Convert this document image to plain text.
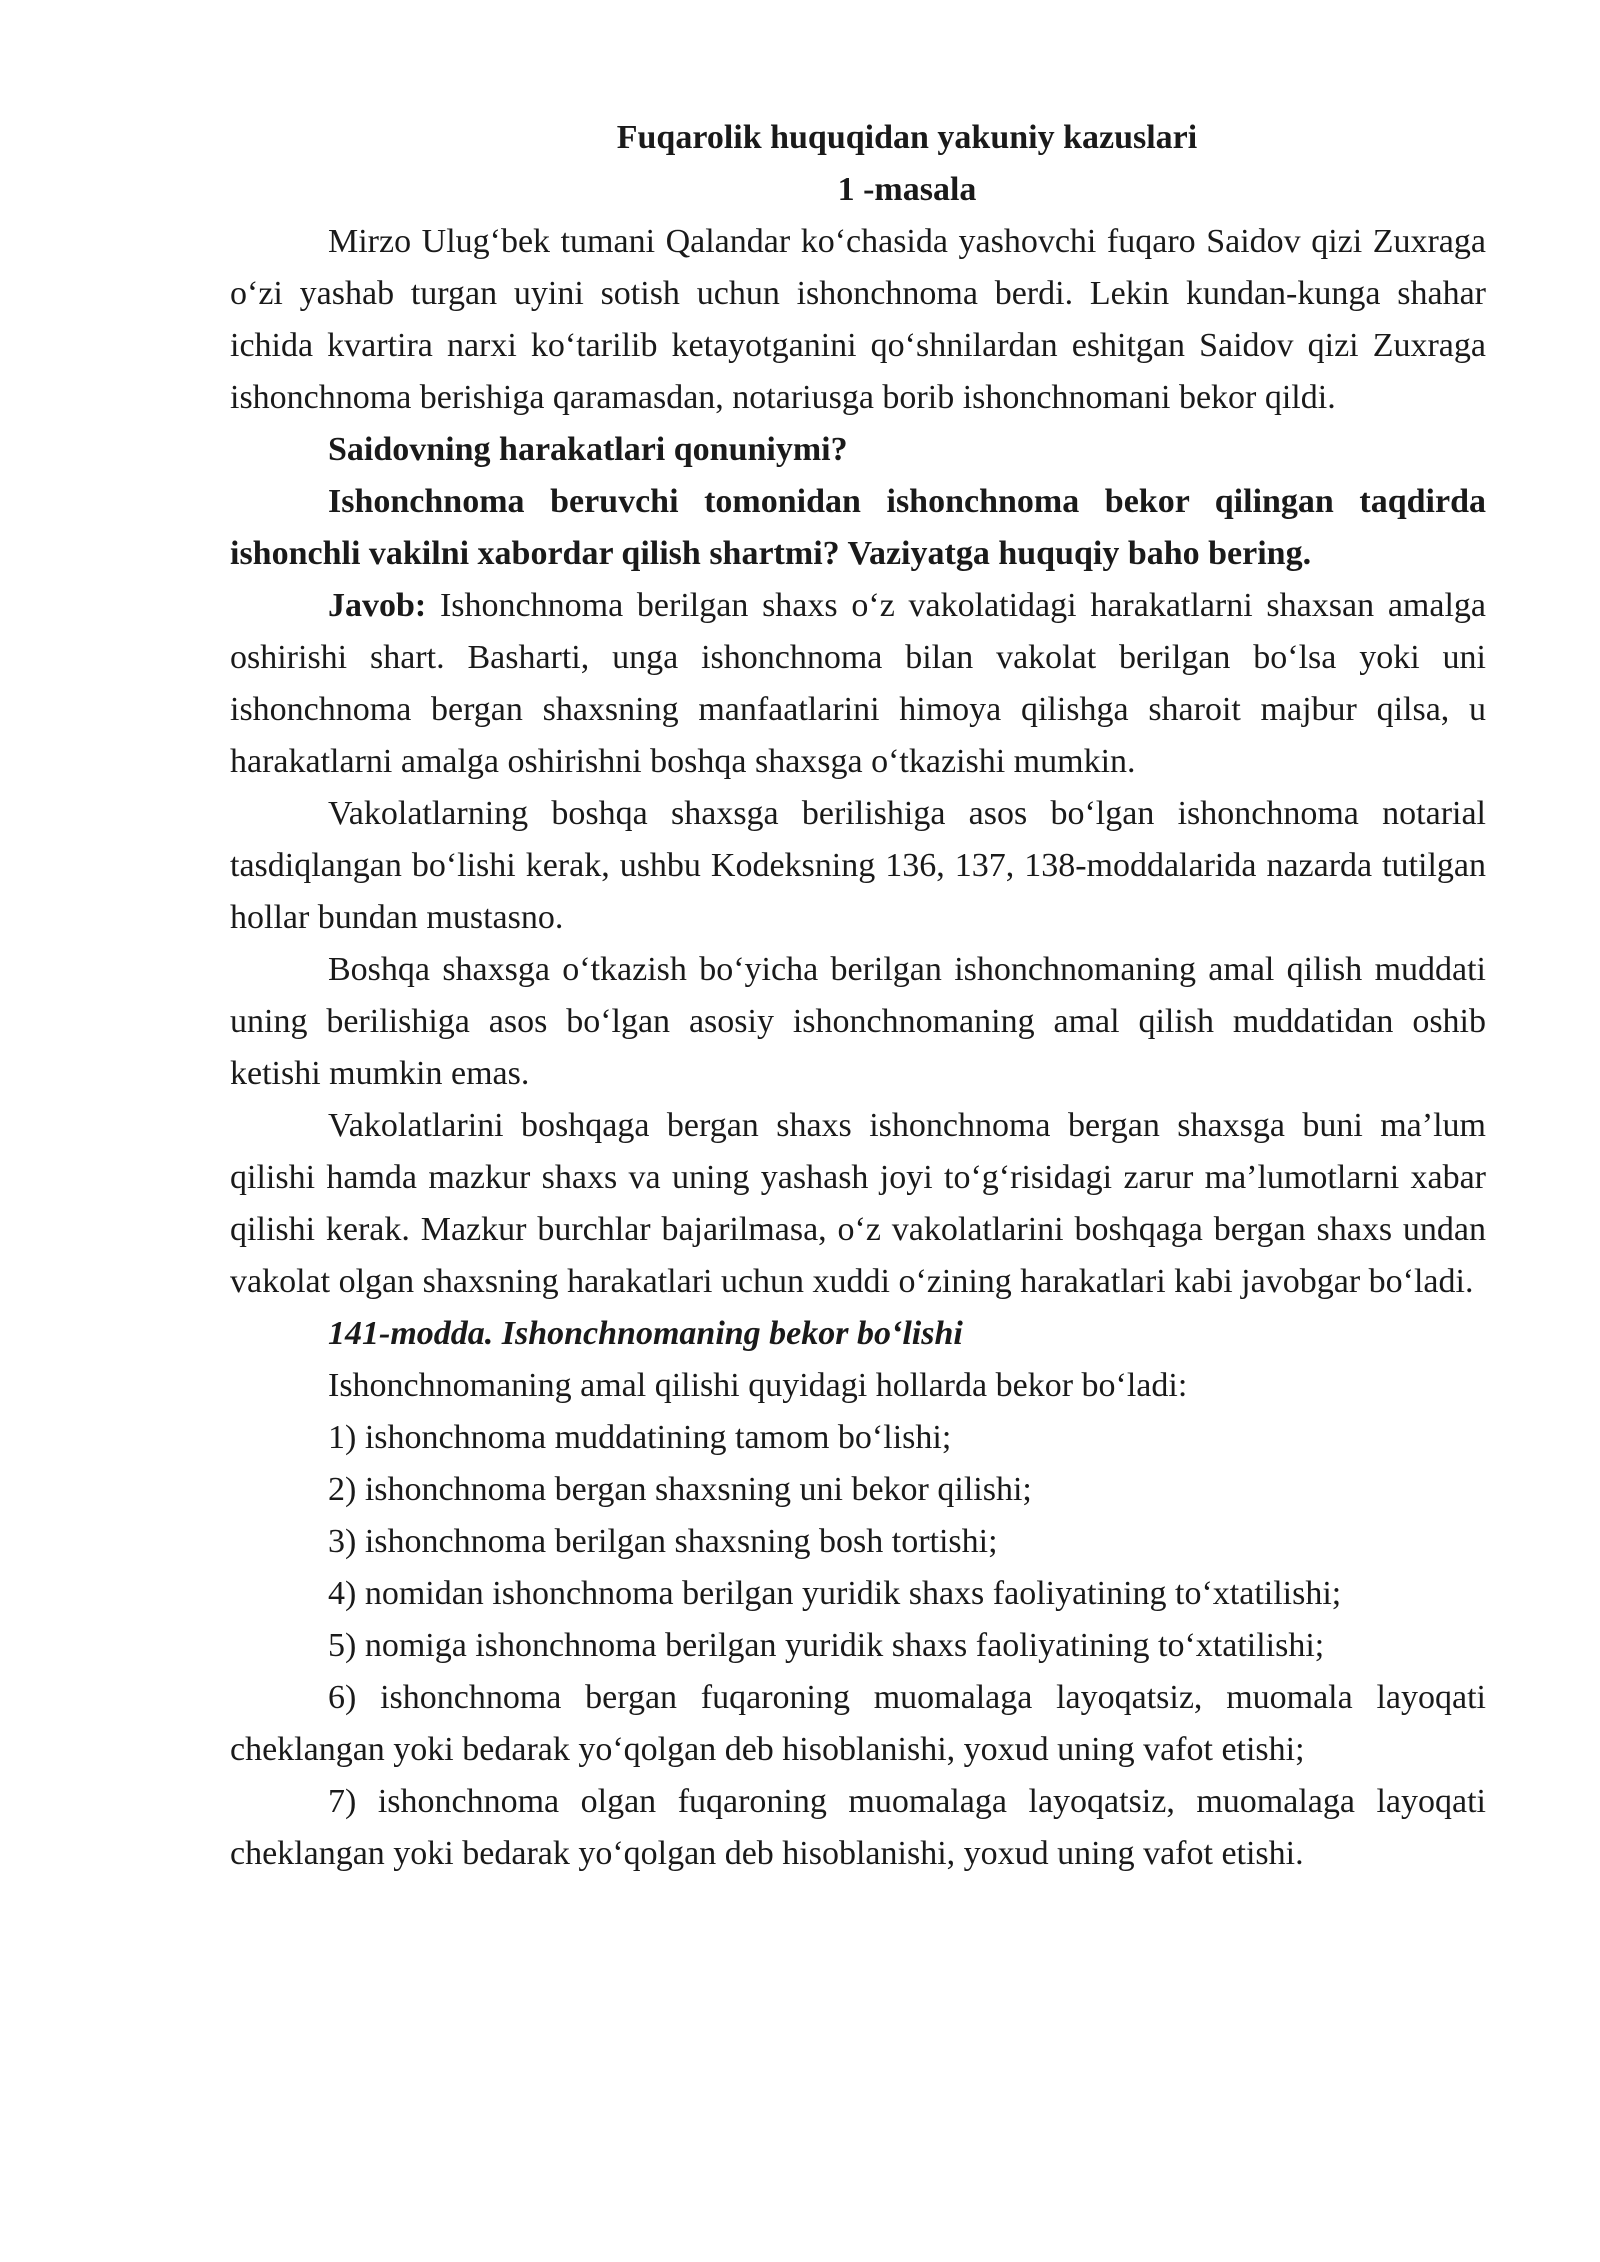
Fuqarolik huquqidan yakuniy kazuslari

1 -masala

Mirzo Ulug‘bek tumani Qalandar ko‘chasida yashovchi fuqaro Saidov qizi Zuxraga o‘zi yashab turgan uyini sotish uchun ishonchnoma berdi. Lekin kundan-kunga shahar ichida kvartira narxi ko‘tarilib ketayotganini qo‘shnilardan eshitgan Saidov qizi Zuxraga ishonchnoma berishiga qaramasdan, notariusga borib ishonchnomani bekor qildi.

Saidovning harakatlari qonuniymi?

Ishonchnoma beruvchi tomonidan ishonchnoma bekor qilingan taqdirda ishonchli vakilni xabordar qilish shartmi? Vaziyatga huquqiy baho bering.

Javob: Ishonchnoma berilgan shaxs o‘z vakolatidagi harakatlarni shaxsan amalga oshirishi shart. Basharti, unga ishonchnoma bilan vakolat berilgan bo‘lsa yoki uni ishonchnoma bergan shaxsning manfaatlarini himoya qilishga sharoit majbur qilsa, u harakatlarni amalga oshirishni boshqa shaxsga o‘tkazishi mumkin.

Vakolatlarning boshqa shaxsga berilishiga asos bo‘lgan ishonchnoma notarial tasdiqlangan bo‘lishi kerak, ushbu Kodeksning 136, 137, 138-moddalarida nazarda tutilgan hollar bundan mustasno.

Boshqa shaxsga o‘tkazish bo‘yicha berilgan ishonchnomaning amal qilish muddati uning berilishiga asos bo‘lgan asosiy ishonchnomaning amal qilish muddatidan oshib ketishi mumkin emas.

Vakolatlarini boshqaga bergan shaxs ishonchnoma bergan shaxsga buni ma’lum qilishi hamda mazkur shaxs va uning yashash joyi to‘g‘risidagi zarur ma’lumotlarni xabar qilishi kerak. Mazkur burchlar bajarilmasa, o‘z vakolatlarini boshqaga bergan shaxs undan vakolat olgan shaxsning harakatlari uchun xuddi o‘zining harakatlari kabi javobgar bo‘ladi.

141-modda. Ishonchnomaning bekor bo‘lishi

Ishonchnomaning amal qilishi quyidagi hollarda bekor bo‘ladi:

1) ishonchnoma muddatining tamom bo‘lishi;

2) ishonchnoma bergan shaxsning uni bekor qilishi;

3) ishonchnoma berilgan shaxsning bosh tortishi;

4) nomidan ishonchnoma berilgan yuridik shaxs faoliyatining to‘xtatilishi;

5) nomiga ishonchnoma berilgan yuridik shaxs faoliyatining to‘xtatilishi;

6) ishonchnoma bergan fuqaroning muomalaga layoqatsiz, muomala layoqati cheklangan yoki bedarak yo‘qolgan deb hisoblanishi, yoxud uning vafot etishi;

7) ishonchnoma olgan fuqaroning muomalaga layoqatsiz, muomalaga layoqati cheklangan yoki bedarak yo‘qolgan deb hisoblanishi, yoxud uning vafot etishi.
